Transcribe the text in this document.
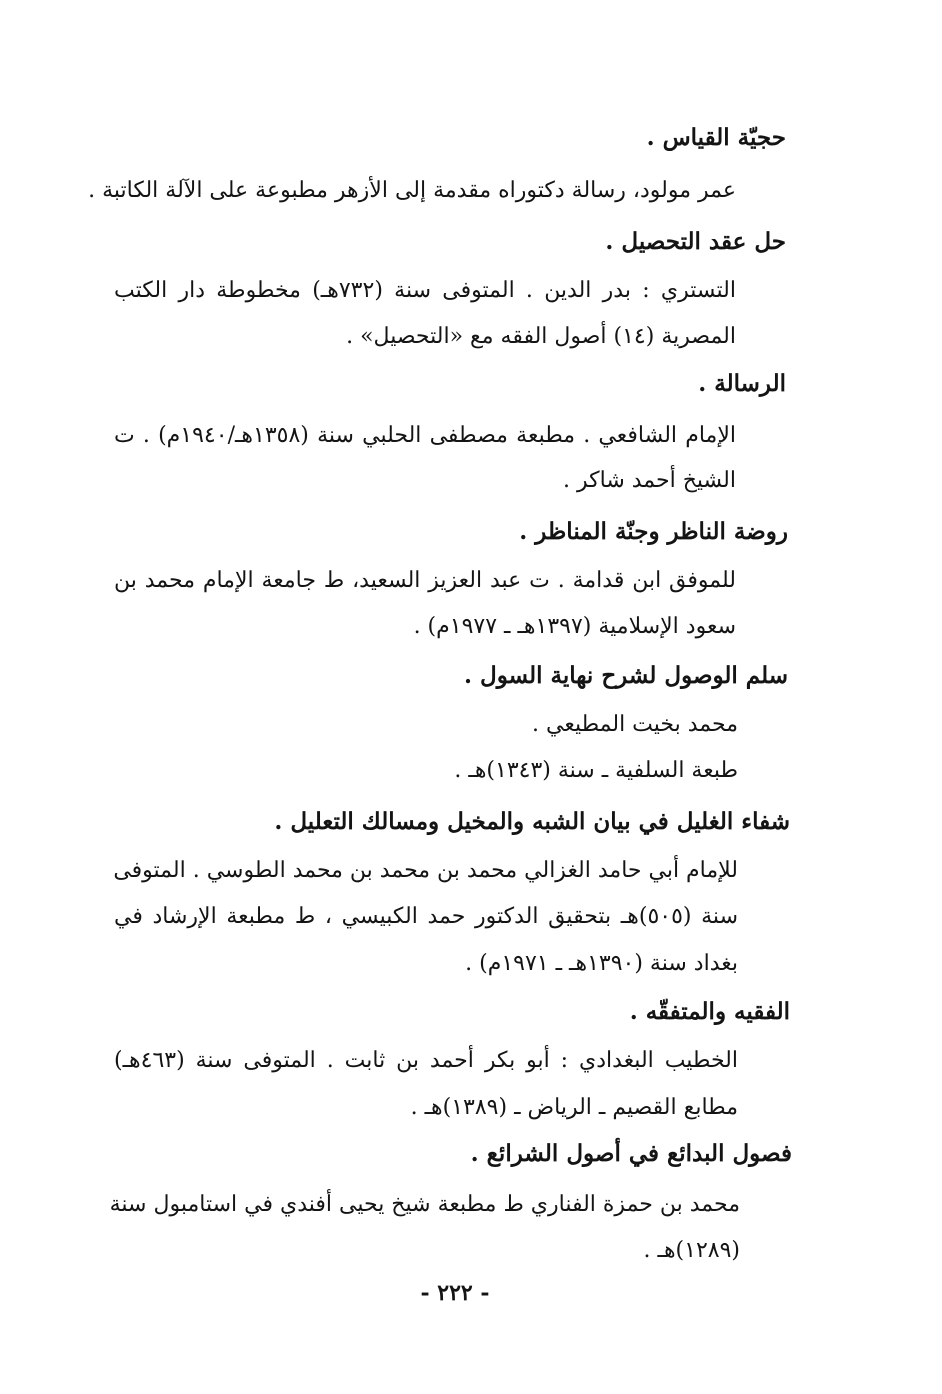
حجيّة القياس .
عمر مولود، رسالة دكتوراه مقدمة إلى الأزهر مطبوعة على الآلة الكاتبة .
حل عقد التحصيل .
التستري : بدر الدين . المتوفى سنة (٧٣٢هـ) مخطوطة دار الكتب
المصرية (١٤) أصول الفقه مع «التحصيل» .
الرسالة .
الإمام الشافعي . مطبعة مصطفى الحلبي سنة (١٣٥٨هـ/١٩٤٠م) . ت
الشيخ أحمد شاكر .
روضة الناظر وجنّة المناظر .
للموفق ابن قدامة . ت عبد العزيز السعيد، ط جامعة الإمام محمد بن
سعود الإسلامية (١٣٩٧هـ ـ ١٩٧٧م) .
سلم الوصول لشرح نهاية السول .
محمد بخيت المطيعي .
طبعة السلفية ـ سنة (١٣٤٣)هـ .
شفاء الغليل في بيان الشبه والمخيل ومسالك التعليل .
للإمام أبي حامد الغزالي محمد بن محمد بن محمد الطوسي . المتوفى
سنة (٥٠٥)هـ بتحقيق الدكتور حمد الكبيسي ، ط مطبعة الإرشاد في
بغداد سنة (١٣٩٠هـ ـ ١٩٧١م) .
الفقيه والمتفقّه .
الخطيب البغدادي : أبو بكر أحمد بن ثابت . المتوفى سنة (٤٦٣هـ)
مطابع القصيم ـ الرياض ـ (١٣٨٩)هـ .
فصول البدائع في أصول الشرائع .
محمد بن حمزة الفناري ط مطبعة شيخ يحيى أفندي في استامبول سنة
(١٢٨٩)هـ .
- ٢٢٢ -
